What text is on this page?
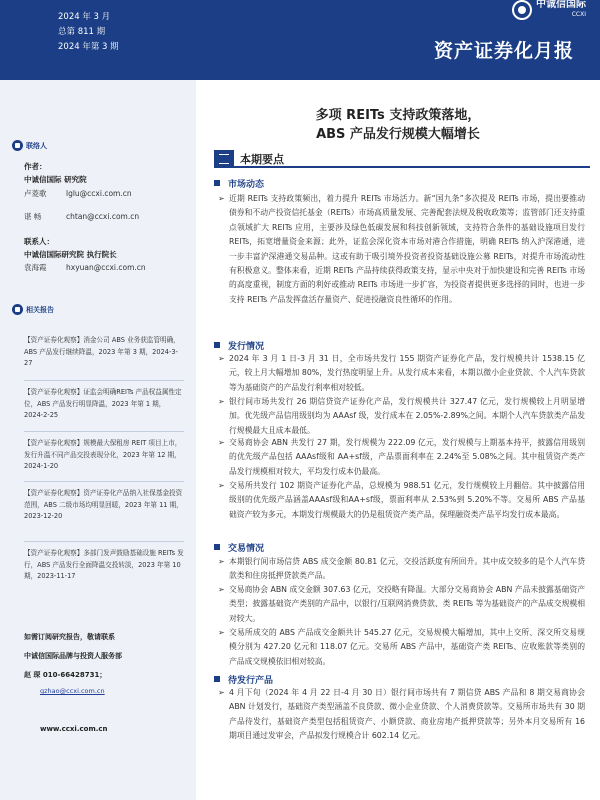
2024 年 3 月
总第 811 期
2024 年第 3 期
中诚信国际
CCXI
资产证券化月报
联络人
作者：
中诚信国际 研究院
卢菱歌	lglu@ccxi.com.cn
谌 畅	chtan@ccxi.com.cn
联系人：
中诚信国际研究院 执行院长
袁海霞	hxyuan@ccxi.com.cn
相关报告
【资产证券化观察】消金公司 ABS 业务获监管明确，ABS 产品发行继续降温，2023 年第 3 期，2024-3-27
【资产证券化观察】证监会明确REITs 产品权益属性定位，ABS 产品发行明显降温，2023 年第 1 期，2024-2-25
【资产证券化观察】规模最大保租房 REIT 项目上市，发行升温不同产品交投表现分化，2023 年第 12 期，2024-1-20
【资产证券化观察】资产证券化产品纳入社保基金投资范围，ABS 二级市场均明显回暖，2023 年第 11 期，2023-12-20
【资产证券化观察】多部门发声鼓励基础设施 REITs 发行，ABS 产品发行全面降温交投转淡，2023 年第 10 期，2023-11-17
如需订阅研究报告，敬请联系
中诚信国际品牌与投资人服务部
赵 琛 010-66428731；
gzhao@ccxi.com.cn
www.ccxi.com.cn
多项 REITs 支持政策落地，
ABS 产品发行规模大幅增长
本期要点
市场动态
➢ 近期 REITs 支持政策频出，着力提升 REITs 市场活力。新“国九条”多次提及 REITs 市场，提出要推动债券和不动产投资信托基金（REITs）市场高质量发展、完善配套法规及税收政策等；监管部门还支持重点领域扩大 REITs 应用，主要涉及绿色低碳发展和科技创新领域，支持符合条件的基础设施项目发行 REITs，拓宽增量资金来源；此外，证监会深化资本市场对港合作措施，明确 REITs 纳入沪深港通，进一步丰富沪深港通交易品种。这或有助于吸引境外投资者投资基础设施公募 REITs，对提升市场流动性有积极意义。整体来看，近期 REITs 产品持续获得政策支持，显示中央对于加快建设和完善 REITs 市场的高度重视，制度方面的利好或推动 REITs 市场进一步扩容，为投资者提供更多选择的同时，也进一步支持 REITs 产品发挥盘活存量资产、促进投融资良性循环的作用。
发行情况
➢ 2024 年 3 月 1 日-3 月 31 日，全市场共发行 155 期资产证券化产品，发行规模共计 1538.15 亿元，较上月大幅增加 80%，发行热度明显上升。从发行成本来看，本期以微小企业贷款、个人汽车贷款等为基础资产的产品发行利率相对较低。
➢ 银行间市场共发行 26 期信贷资产证券化产品，发行规模共计 327.47 亿元，发行规模较上月明显增加。优先级产品信用级别均为 AAAsf 级，发行成本在 2.05%-2.89%之间。本期个人汽车贷款类产品发行规模最大且成本最低。
➢ 交易商协会 ABN 共发行 27 期，发行规模为 222.09 亿元，发行规模与上期基本持平，披露信用级别的优先级产品包括 AAAsf级和 AA+sf级，产品票面利率在 2.24%至 5.08%之间。其中租赁资产类产品发行规模相对较大，平均发行成本仍最高。
➢ 交易所共发行 102 期资产证券化产品，总规模为 988.51 亿元，发行规模较上月翻倍。其中披露信用级别的优先级产品涵盖AAAsf级和AA+sf级，票面利率从 2.53%到 5.20%不等。交易所 ABS 产品基础资产较为多元，本期发行规模最大的仍是租赁资产类产品，保理融资类产品平均发行成本最高。
交易情况
➢ 本期银行间市场信贷 ABS 成交金额 80.81 亿元，交投活跃度有所回升。其中成交较多的是个人汽车贷款类和住房抵押贷款类产品。
➢ 交易商协会 ABN 成交金额 307.63 亿元，交投略有降温。大部分交易商协会 ABN 产品未披露基础资产类型；披露基础资产类别的产品中，以银行/互联网消费贷款、类 REITs 等为基础资产的产品成交规模相对较大。
➢ 交易所成交的 ABS 产品成交金额共计 545.27 亿元，交易规模大幅增加，其中上交所、深交所交易规模分别为 427.20 亿元和 118.07 亿元。交易所 ABS 产品中，基础资产类 REITs、应收账款等类别的产品成交规模依旧相对较高。
待发行产品
➢ 4 月下旬（2024 年 4 月 22 日-4 月 30 日）银行间市场共有 7 期信贷 ABS 产品和 8 期交易商协会 ABN 计划发行，基础资产类型涵盖不良贷款、微小企业贷款、个人消费贷款等。交易所市场共有 30 期产品待发行，基础资产类型包括租赁资产、小额贷款、商业房地产抵押贷款等；另外本月交易所有 16 期项目通过发审会，产品拟发行规模合计 602.14 亿元。
